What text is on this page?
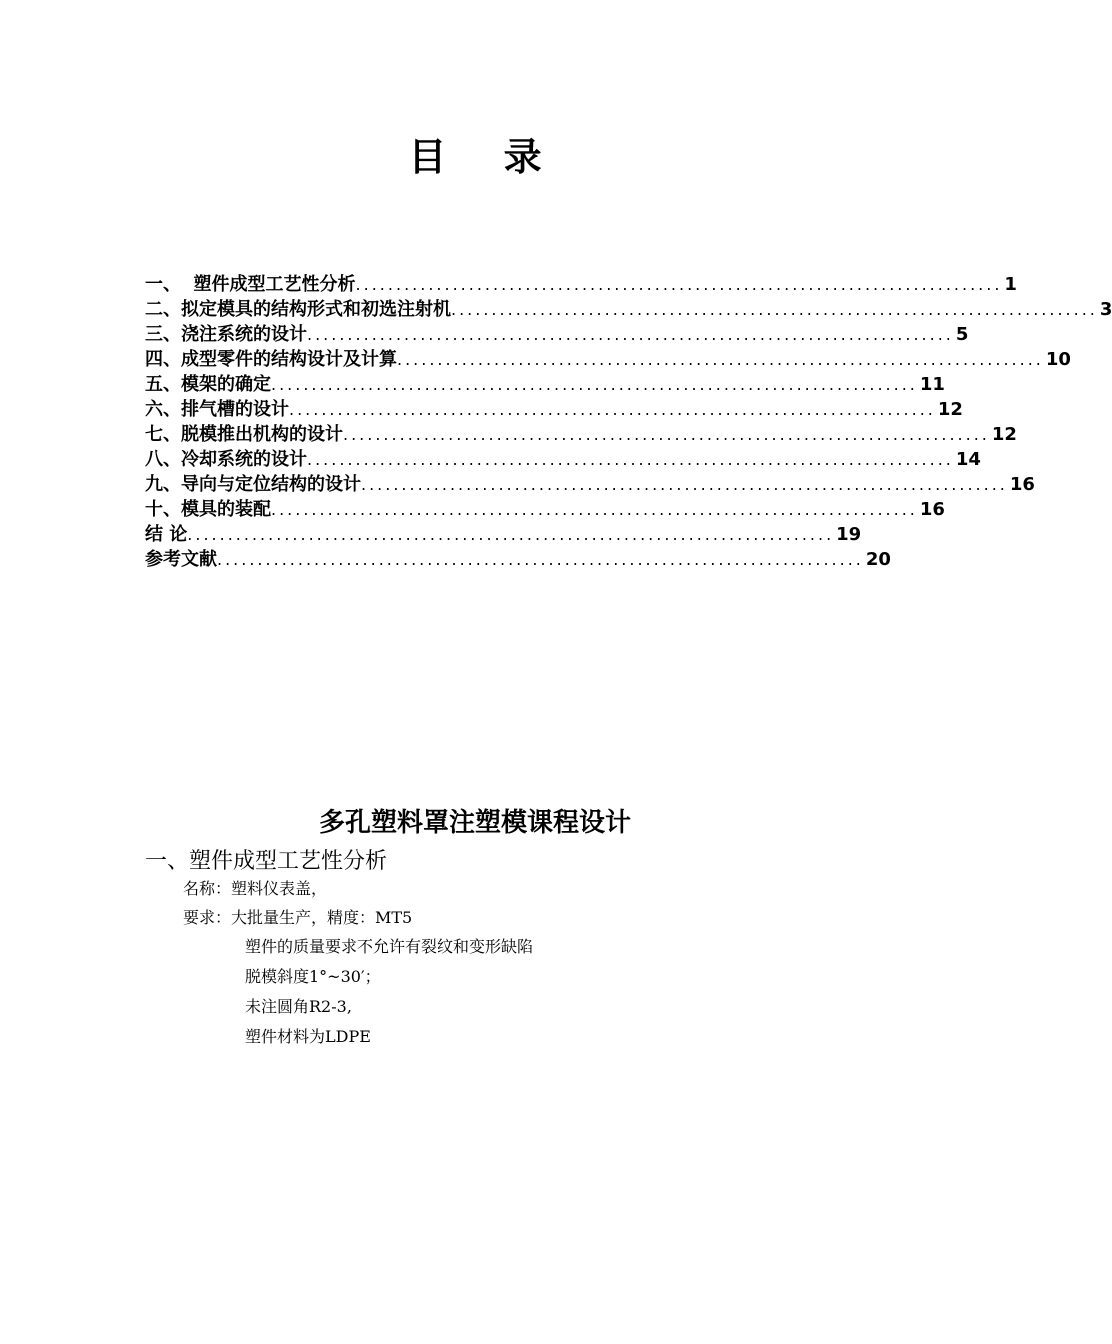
目 录
一、  塑件成型工艺性分析 ................................................................................ 1
二、拟定模具的结构形式和初选注射机 ................................................................................ 3
三、浇注系统的设计 ................................................................................ 5
四、成型零件的结构设计及计算 ................................................................................ 10
五、模架的确定 ................................................................................ 11
六、排气槽的设计 ................................................................................ 12
七、脱模推出机构的设计 ................................................................................ 12
八、冷却系统的设计 ................................................................................ 14
九、导向与定位结构的设计 ................................................................................ 16
十、模具的装配 ................................................................................ 16
结 论 ................................................................................ 19
参考文献 ................................................................................ 20
多孔塑料罩注塑模课程设计
一、塑件成型工艺性分析
名称：塑料仪表盖，
要求：大批量生产，精度：MT5
塑件的质量要求不允许有裂纹和变形缺陷
脱模斜度1°~30′；
未注圆角R2-3,
塑件材料为LDPE
